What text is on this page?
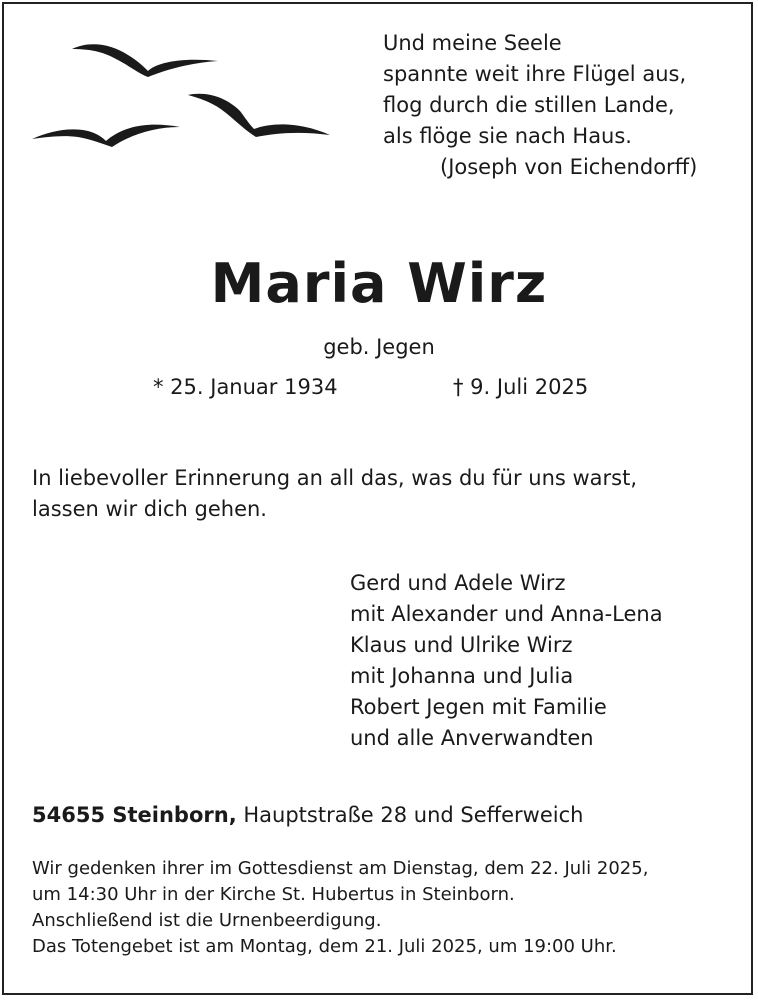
Und meine Seele
spannte weit ihre Flügel aus,
flog durch die stillen Lande,
als flöge sie nach Haus.
(Joseph von Eichendorff)
Maria Wirz
geb. Jegen
* 25. Januar 1934	† 9. Juli 2025
In liebevoller Erinnerung an all das, was du für uns warst,
lassen wir dich gehen.
Gerd und Adele Wirz
mit Alexander und Anna-Lena
Klaus und Ulrike Wirz
mit Johanna und Julia
Robert Jegen mit Familie
und alle Anverwandten
54655 Steinborn, Hauptstraße 28 und Sefferweich
Wir gedenken ihrer im Gottesdienst am Dienstag, dem 22. Juli 2025,
um 14:30 Uhr in der Kirche St. Hubertus in Steinborn.
Anschließend ist die Urnenbeerdigung.
Das Totengebet ist am Montag, dem 21. Juli 2025, um 19:00 Uhr.
